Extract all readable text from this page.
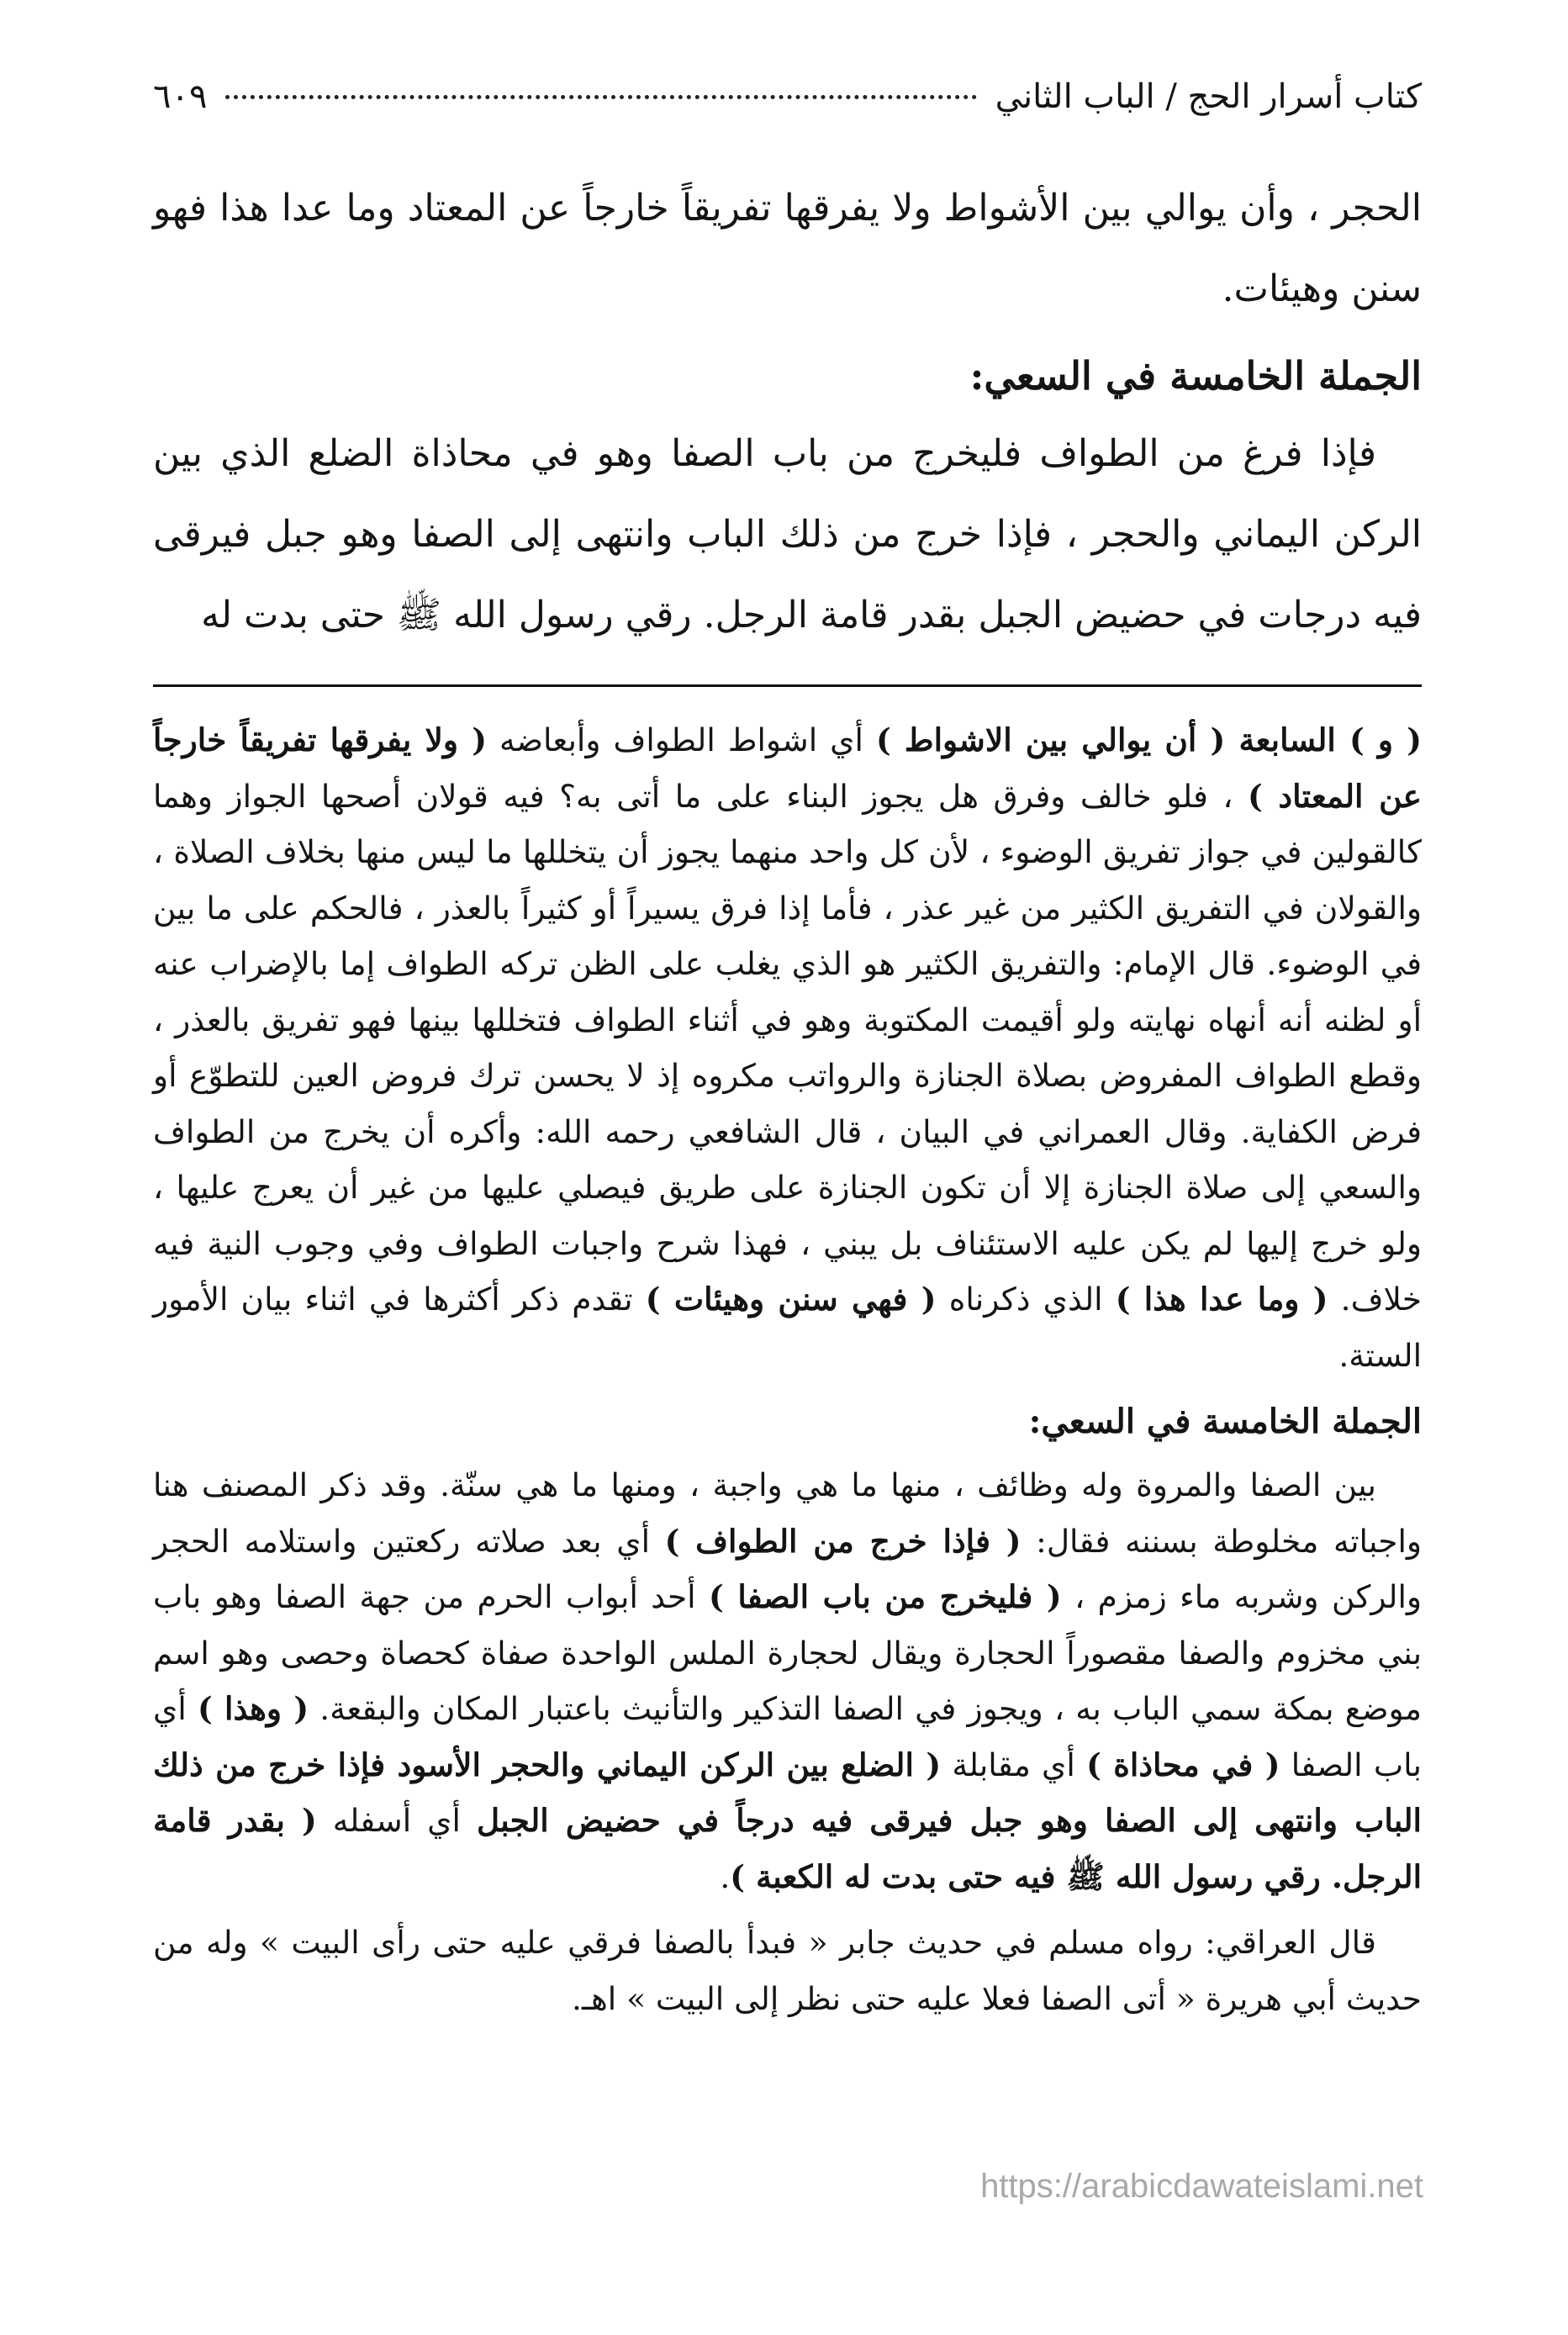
كتاب أسرار الحج / الباب الثاني
٦٠٩

الحجر ، وأن يوالي بين الأشواط ولا يفرقها تفريقاً خارجاً عن المعتاد وما عدا هذا فهو سنن وهيئات.

الجملة الخامسة في السعي:

فإذا فرغ من الطواف فليخرج من باب الصفا وهو في محاذاة الضلع الذي بين الركن اليماني والحجر ، فإذا خرج من ذلك الباب وانتهى إلى الصفا وهو جبل فيرقى فيه درجات في حضيض الجبل بقدر قامة الرجل. رقي رسول الله ﷺ حتى بدت له

( و ) السابعة ( أن يوالي بين الاشواط ) أي اشواط الطواف وأبعاضه ( ولا يفرقها تفريقاً خارجاً عن المعتاد ) ، فلو خالف وفرق هل يجوز البناء على ما أتى به؟ فيه قولان أصحها الجواز وهما كالقولين في جواز تفريق الوضوء ، لأن كل واحد منهما يجوز أن يتخللها ما ليس منها بخلاف الصلاة ، والقولان في التفريق الكثير من غير عذر ، فأما إذا فرق يسيراً أو كثيراً بالعذر ، فالحكم على ما بين في الوضوء. قال الإمام: والتفريق الكثير هو الذي يغلب على الظن تركه الطواف إما بالإضراب عنه أو لظنه أنه أنهاه نهايته ولو أقيمت المكتوبة وهو في أثناء الطواف فتخللها بينها فهو تفريق بالعذر ، وقطع الطواف المفروض بصلاة الجنازة والرواتب مكروه إذ لا يحسن ترك فروض العين للتطوّع أو فرض الكفاية. وقال العمراني في البيان ، قال الشافعي رحمه الله: وأكره أن يخرج من الطواف والسعي إلى صلاة الجنازة إلا أن تكون الجنازة على طريق فيصلي عليها من غير أن يعرج عليها ، ولو خرج إليها لم يكن عليه الاستئناف بل يبني ، فهذا شرح واجبات الطواف وفي وجوب النية فيه خلاف. ( وما عدا هذا ) الذي ذكرناه ( فهي سنن وهيئات ) تقدم ذكر أكثرها في اثناء بيان الأمور الستة.

الجملة الخامسة في السعي:

بين الصفا والمروة وله وظائف ، منها ما هي واجبة ، ومنها ما هي سنّة. وقد ذكر المصنف هنا واجباته مخلوطة بسننه فقال: ( فإذا خرج من الطواف ) أي بعد صلاته ركعتين واستلامه الحجر والركن وشربه ماء زمزم ، ( فليخرج من باب الصفا ) أحد أبواب الحرم من جهة الصفا وهو باب بني مخزوم والصفا مقصوراً الحجارة ويقال لحجارة الملس الواحدة صفاة كحصاة وحصى وهو اسم موضع بمكة سمي الباب به ، ويجوز في الصفا التذكير والتأنيث باعتبار المكان والبقعة. ( وهذا ) أي باب الصفا ( في محاذاة ) أي مقابلة ( الضلع بين الركن اليماني والحجر الأسود فإذا خرج من ذلك الباب وانتهى إلى الصفا وهو جبل فيرقى فيه درجاً في حضيض الجبل أي أسفله ( بقدر قامة الرجل. رقي رسول الله ﷺ فيه حتى بدت له الكعبة ).

قال العراقي: رواه مسلم في حديث جابر « فبدأ بالصفا فرقي عليه حتى رأى البيت » وله من حديث أبي هريرة « أتى الصفا فعلا عليه حتى نظر إلى البيت » اهـ.

https://arabicdawateislami.net
